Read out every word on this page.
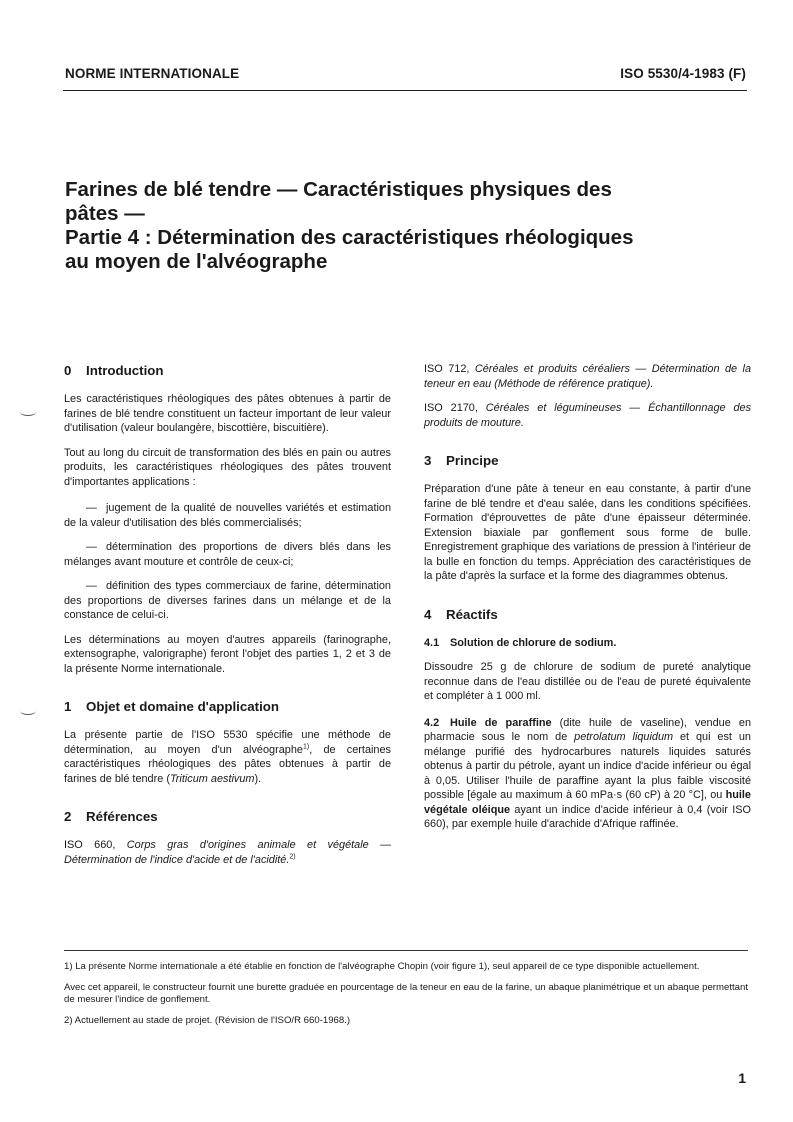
NORME INTERNATIONALE	ISO 5530/4-1983 (F)
Farines de blé tendre — Caractéristiques physiques des
pâtes —
Partie 4 : Détermination des caractéristiques rhéologiques
au moyen de l'alvéographe
0 Introduction

Les caractéristiques rhéologiques des pâtes obtenues à partir de farines de blé tendre constituent un facteur important de leur valeur d'utilisation (valeur boulangère, biscottière, biscuitière).

Tout au long du circuit de transformation des blés en pain ou autres produits, les caractéristiques rhéologiques des pâtes trouvent d'importantes applications :

— jugement de la qualité de nouvelles variétés et estimation de la valeur d'utilisation des blés commercialisés;

— détermination des proportions de divers blés dans les mélanges avant mouture et contrôle de ceux-ci;

— définition des types commerciaux de farine, détermination des proportions de diverses farines dans un mélange et de la constance de celui-ci.

Les déterminations au moyen d'autres appareils (farinographe, extensographe, valorigraphe) feront l'objet des parties 1, 2 et 3 de la présente Norme internationale.

1 Objet et domaine d'application

La présente partie de l'ISO 5530 spécifie une méthode de détermination, au moyen d'un alvéographe$^{1)}$, de certaines caractéristiques rhéologiques des pâtes obtenues à partir de farines de blé tendre (Triticum aestivum).

2 Références

ISO 660, Corps gras d'origines animale et végétale — Détermination de l'indice d'acide et de l'acidité.$^{2)}$

ISO 712, Céréales et produits céréaliers — Détermination de la teneur en eau (Méthode de référence pratique).

ISO 2170, Céréales et légumineuses — Échantillonnage des produits de mouture.

3 Principe

Préparation d'une pâte à teneur en eau constante, à partir d'une farine de blé tendre et d'eau salée, dans les conditions spécifiées. Formation d'éprouvettes de pâte d'une épaisseur déterminée. Extension biaxiale par gonflement sous forme de bulle. Enregistrement graphique des variations de pression à l'intérieur de la bulle en fonction du temps. Appréciation des caractéristiques de la pâte d'après la surface et la forme des diagrammes obtenus.

4 Réactifs
4.1 Solution de chlorure de sodium.

Dissoudre 25 g de chlorure de sodium de pureté analytique reconnue dans de l'eau distillée ou de l'eau de pureté équivalente et compléter à 1 000 ml.

4.2 Huile de paraffine (dite huile de vaseline), vendue en pharmacie sous le nom de petrolatum liquidum et qui est un mélange purifié des hydrocarbures naturels liquides saturés obtenus à partir du pétrole, ayant un indice d'acide inférieur ou égal à 0,05. Utiliser l'huile de paraffine ayant la plus faible viscosité possible [égale au maximum à 60 mPa·s (60 cP) à 20 °C], ou huile végétale oléique ayant un indice d'acide inférieur à 0,4 (voir ISO 660), par exemple huile d'arachide d'Afrique raffinée.

1) La présente Norme internationale a été établie en fonction de l'alvéographe Chopin (voir figure 1), seul appareil de ce type disponible actuellement.

Avec cet appareil, le constructeur fournit une burette graduée en pourcentage de la teneur en eau de la farine, un abaque planimétrique et un abaque permettant de mesurer l'indice de gonflement.

2) Actuellement au stade de projet. (Révision de l'ISO/R 660-1968.)

1
